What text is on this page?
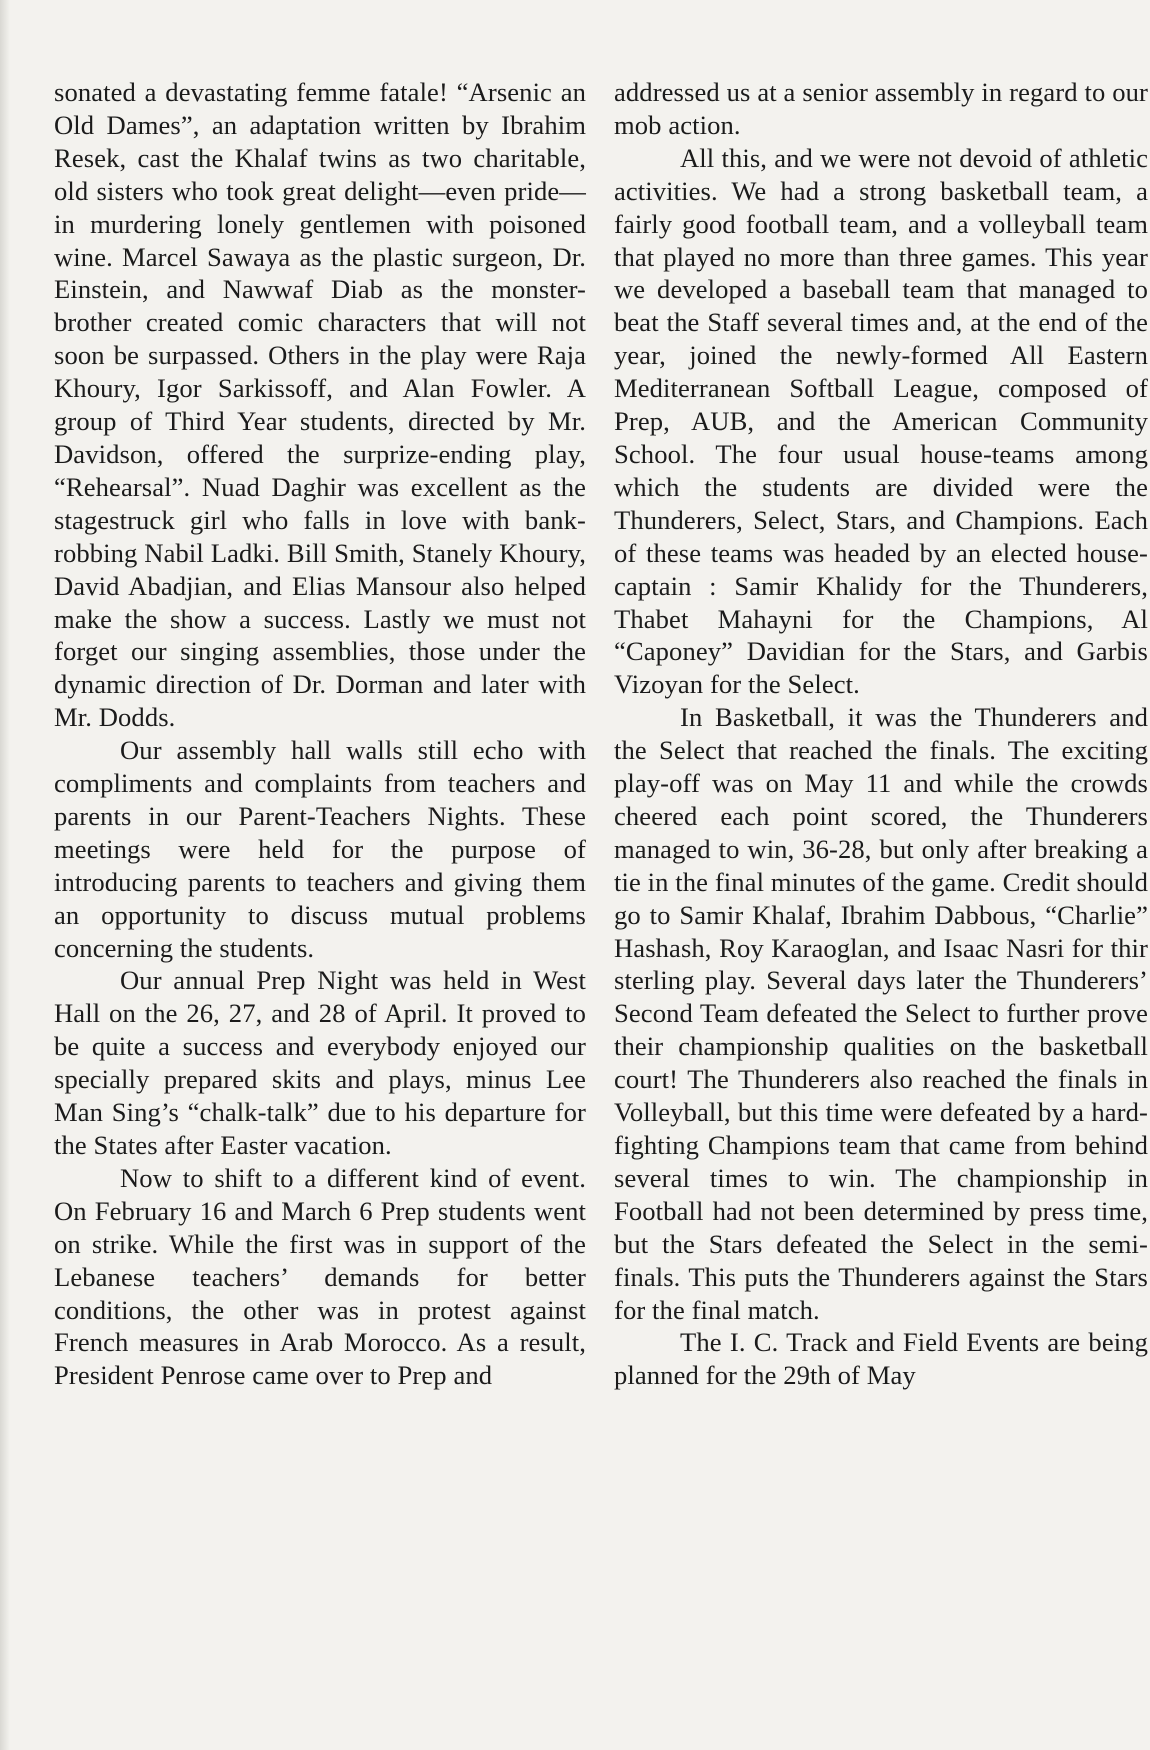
sonated a devastating femme fatale! “Arsenic an Old Dames”, an adaptation written by Ibrahim Resek, cast the Khalaf twins as two charitable, old sisters who took great delight—even pride—in murdering lonely gentlemen with poisoned wine. Marcel Sawaya as the plastic surgeon, Dr. Einstein, and Nawwaf Diab as the monster-brother created comic characters that will not soon be surpassed. Others in the play were Raja Khoury, Igor Sarkissoff, and Alan Fowler. A group of Third Year students, directed by Mr. Davidson, offered the surprize-ending play, “Rehearsal”. Nuad Daghir was excellent as the stagestruck girl who falls in love with bank-robbing Nabil Ladki. Bill Smith, Stanely Khoury, David Abadjian, and Elias Mansour also helped make the show a success. Lastly we must not forget our singing assemblies, those under the dynamic direction of Dr. Dorman and later with Mr. Dodds.

Our assembly hall walls still echo with compliments and complaints from teachers and parents in our Parent-Teachers Nights. These meetings were held for the purpose of introducing parents to teachers and giving them an opportunity to discuss mutual problems concerning the students.

Our annual Prep Night was held in West Hall on the 26, 27, and 28 of April. It proved to be quite a success and everybody enjoyed our specially prepared skits and plays, minus Lee Man Sing’s “chalk-talk” due to his departure for the States after Easter vacation.

Now to shift to a different kind of event. On February 16 and March 6 Prep students went on strike. While the first was in support of the Lebanese teachers’ demands for better conditions, the other was in protest against French measures in Arab Morocco. As a result, President Penrose came over to Prep and

addressed us at a senior assembly in regard to our mob action.

All this, and we were not devoid of athletic activities. We had a strong basketball team, a fairly good football team, and a volleyball team that played no more than three games. This year we developed a baseball team that managed to beat the Staff several times and, at the end of the year, joined the newly-formed All Eastern Mediterranean Softball League, composed of Prep, AUB, and the American Community School. The four usual house-teams among which the students are divided were the Thunderers, Select, Stars, and Champions. Each of these teams was headed by an elected house-captain : Samir Khalidy for the Thunderers, Thabet Mahayni for the Champions, Al “Caponey” Davidian for the Stars, and Garbis Vizoyan for the Select.

In Basketball, it was the Thunderers and the Select that reached the finals. The exciting play-off was on May 11 and while the crowds cheered each point scored, the Thunderers managed to win, 36-28, but only after breaking a tie in the final minutes of the game. Credit should go to Samir Khalaf, Ibrahim Dabbous, “Charlie” Hashash, Roy Karaoglan, and Isaac Nasri for thir sterling play. Several days later the Thunderers’ Second Team defeated the Select to further prove their championship qualities on the basketball court! The Thunderers also reached the finals in Volleyball, but this time were defeated by a hard-fighting Champions team that came from behind several times to win. The championship in Football had not been determined by press time, but the Stars defeated the Select in the semi-finals. This puts the Thunderers against the Stars for the final match.

The I. C. Track and Field Events are being planned for the 29th of May
